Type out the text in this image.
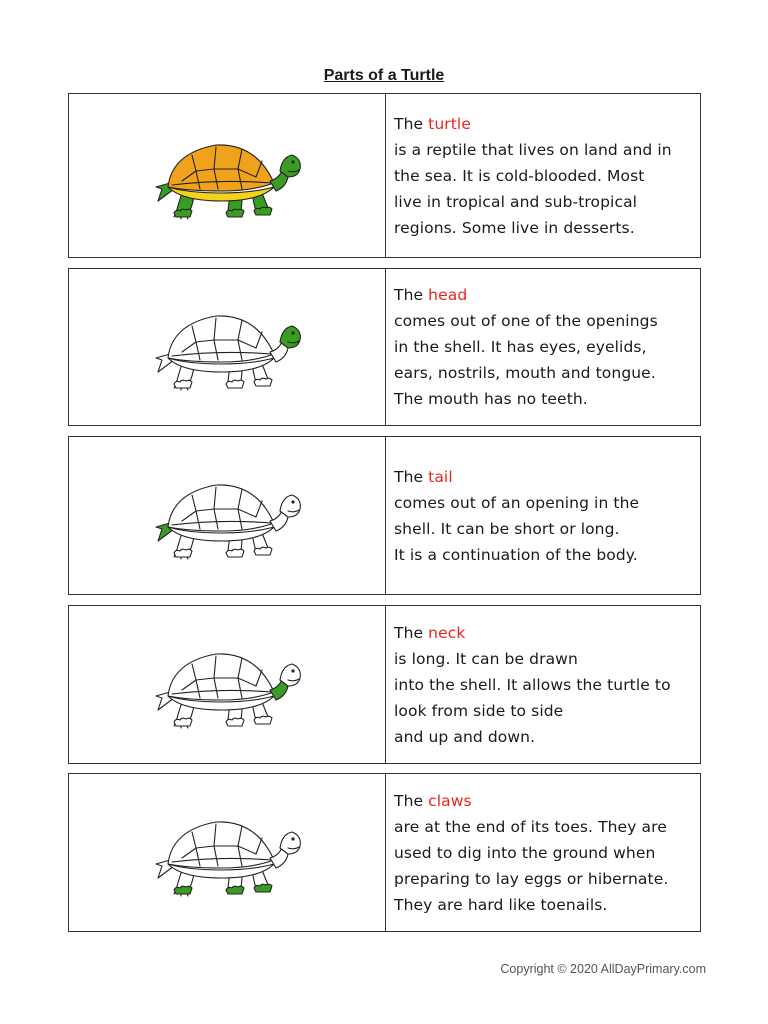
Parts of a Turtle
The turtle
is a reptile that lives on land and in
the sea. It is cold-blooded. Most
live in tropical and sub-tropical
regions. Some live in desserts.
The head
comes out of one of the openings
in the shell. It has eyes, eyelids,
ears, nostrils, mouth and tongue.
The mouth has no teeth.
The tail
comes out of an opening in the
shell. It can be short or long.
It is a continuation of the body.
The neck
is long. It can be drawn
into the shell. It allows the turtle to
look from side to side
and up and down.
The claws
are at the end of its toes. They are
used to dig into the ground when
preparing to lay eggs or hibernate.
They are hard like toenails.
Copyright © 2020 AllDayPrimary.com
